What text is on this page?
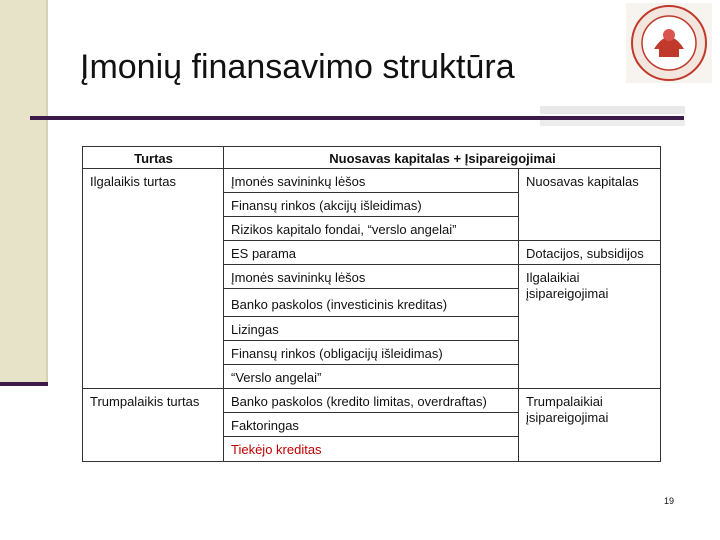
Įmonių finansavimo struktūra
Turtas	Nuosavas kapitalas + Įsipareigojimai
Ilgalaikis turtas
Trumpalaikis turtas
Įmonės savininkų lėšos
Finansų rinkos (akcijų išleidimas)
Rizikos kapitalo fondai, “verslo angelai”
ES parama
Įmonės savininkų lėšos
Banko paskolos (investicinis kreditas)
Lizingas
Finansų rinkos (obligacijų išleidimas)
“Verslo angelai”
Banko paskolos (kredito limitas, overdraftas)
Faktoringas
Tiekėjo kreditas
Nuosavas kapitalas
Dotacijos, subsidijos
Ilgalaikiai įsipareigojimai
Trumpalaikiai įsipareigojimai
19
